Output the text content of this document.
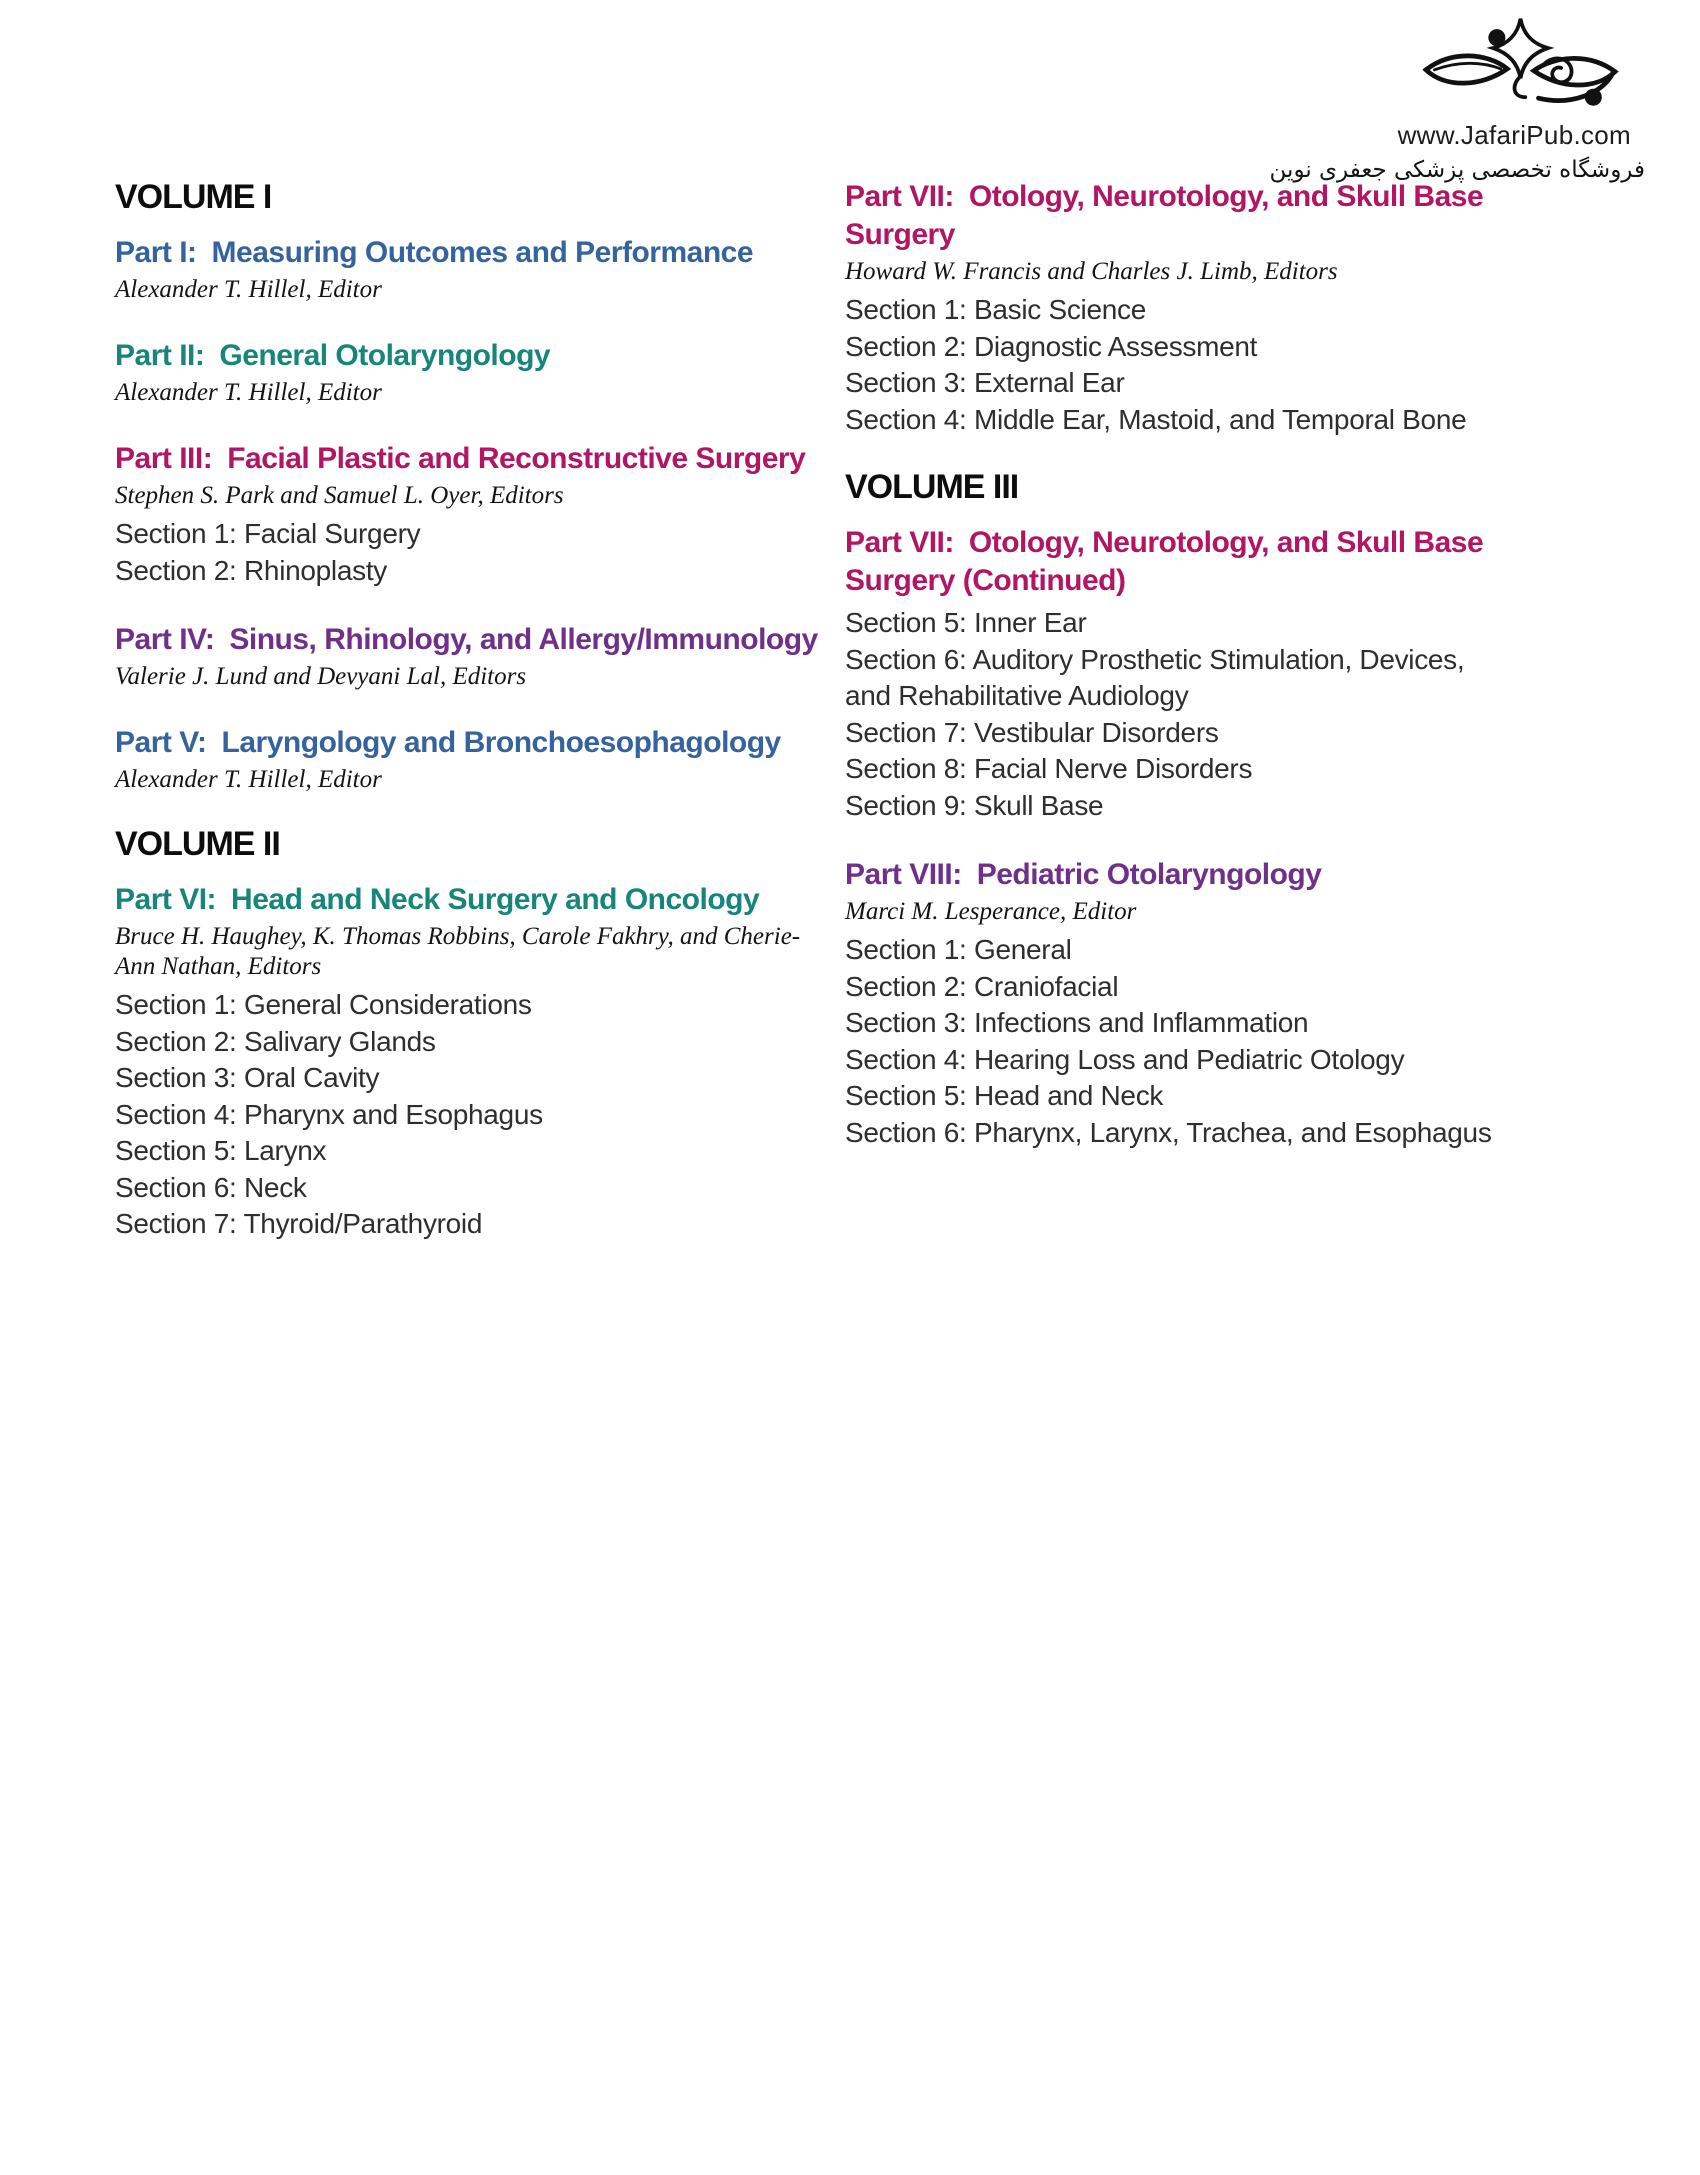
www.JafariPub.com
فروشگاه تخصصی پزشکی جعفری نوین
VOLUME I
Part I: Measuring Outcomes and Performance

Alexander T. Hillel, Editor

Part II: General Otolaryngology

Alexander T. Hillel, Editor

Part III: Facial Plastic and Reconstructive Surgery

Stephen S. Park and Samuel L. Oyer, Editors

Section 1: Facial Surgery

Section 2: Rhinoplasty

Part IV: Sinus, Rhinology, and Allergy/Immunology

Valerie J. Lund and Devyani Lal, Editors

Part V: Laryngology and Bronchoesophagology

Alexander T. Hillel, Editor

VOLUME II
Part VI: Head and Neck Surgery and Oncology

Bruce H. Haughey, K. Thomas Robbins, Carole Fakhry, and Cherie-Ann Nathan, Editors

Section 1: General Considerations

Section 2: Salivary Glands

Section 3: Oral Cavity

Section 4: Pharynx and Esophagus

Section 5: Larynx

Section 6: Neck

Section 7: Thyroid/Parathyroid

Part VII: Otology, Neurotology, and Skull Base Surgery

Howard W. Francis and Charles J. Limb, Editors

Section 1: Basic Science

Section 2: Diagnostic Assessment

Section 3: External Ear

Section 4: Middle Ear, Mastoid, and Temporal Bone

VOLUME III
Part VII: Otology, Neurotology, and Skull Base Surgery (Continued)

Section 5: Inner Ear

Section 6: Auditory Prosthetic Stimulation, Devices, and Rehabilitative Audiology

Section 7: Vestibular Disorders

Section 8: Facial Nerve Disorders

Section 9: Skull Base

Part VIII: Pediatric Otolaryngology

Marci M. Lesperance, Editor

Section 1: General

Section 2: Craniofacial

Section 3: Infections and Inflammation

Section 4: Hearing Loss and Pediatric Otology

Section 5: Head and Neck

Section 6: Pharynx, Larynx, Trachea, and Esophagus
